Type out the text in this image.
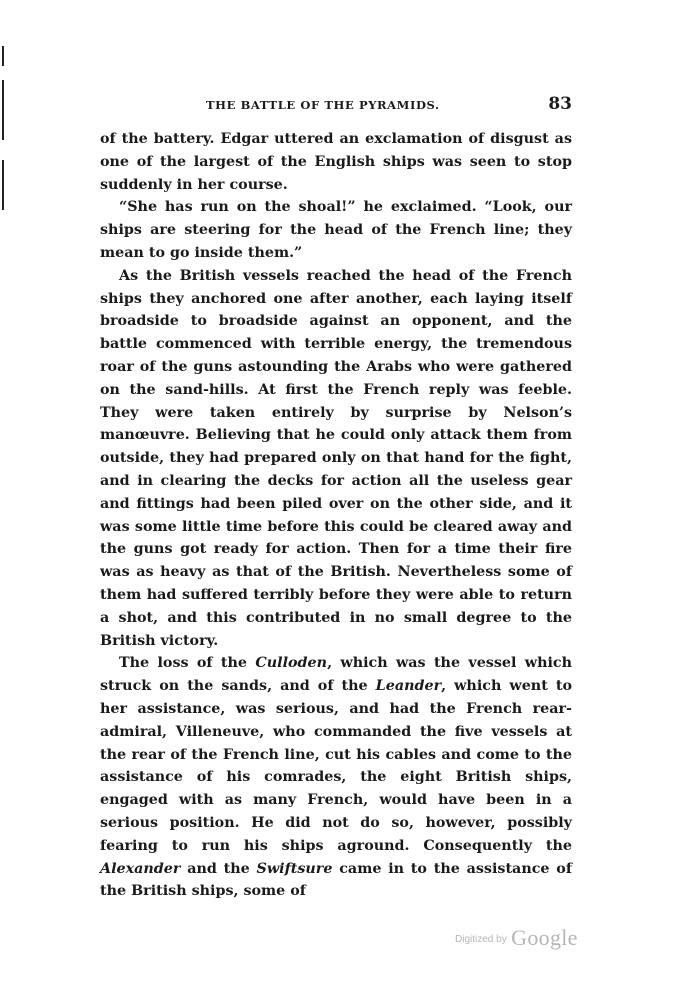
THE BATTLE OF THE PYRAMIDS.	83

of the battery. Edgar uttered an exclamation of disgust as one of the largest of the English ships was seen to stop suddenly in her course.

“She has run on the shoal!” he exclaimed. “Look, our ships are steering for the head of the French line; they mean to go inside them.”

As the British vessels reached the head of the French ships they anchored one after another, each laying itself broadside to broadside against an opponent, and the battle commenced with terrible energy, the tremendous roar of the guns astounding the Arabs who were gathered on the sand-hills. At first the French reply was feeble. They were taken entirely by surprise by Nelson’s manœuvre. Believing that he could only attack them from outside, they had prepared only on that hand for the fight, and in clearing the decks for action all the useless gear and fittings had been piled over on the other side, and it was some little time before this could be cleared away and the guns got ready for action. Then for a time their fire was as heavy as that of the British. Nevertheless some of them had suffered terribly before they were able to return a shot, and this contributed in no small degree to the British victory.

The loss of the Culloden, which was the vessel which struck on the sands, and of the Leander, which went to her assistance, was serious, and had the French rear-admiral, Villeneuve, who commanded the five vessels at the rear of the French line, cut his cables and come to the assistance of his comrades, the eight British ships, engaged with as many French, would have been in a serious position. He did not do so, however, possibly fearing to run his ships aground. Consequently the Alexander and the Swiftsure came in to the assistance of the British ships, some of

Digitized by Google
